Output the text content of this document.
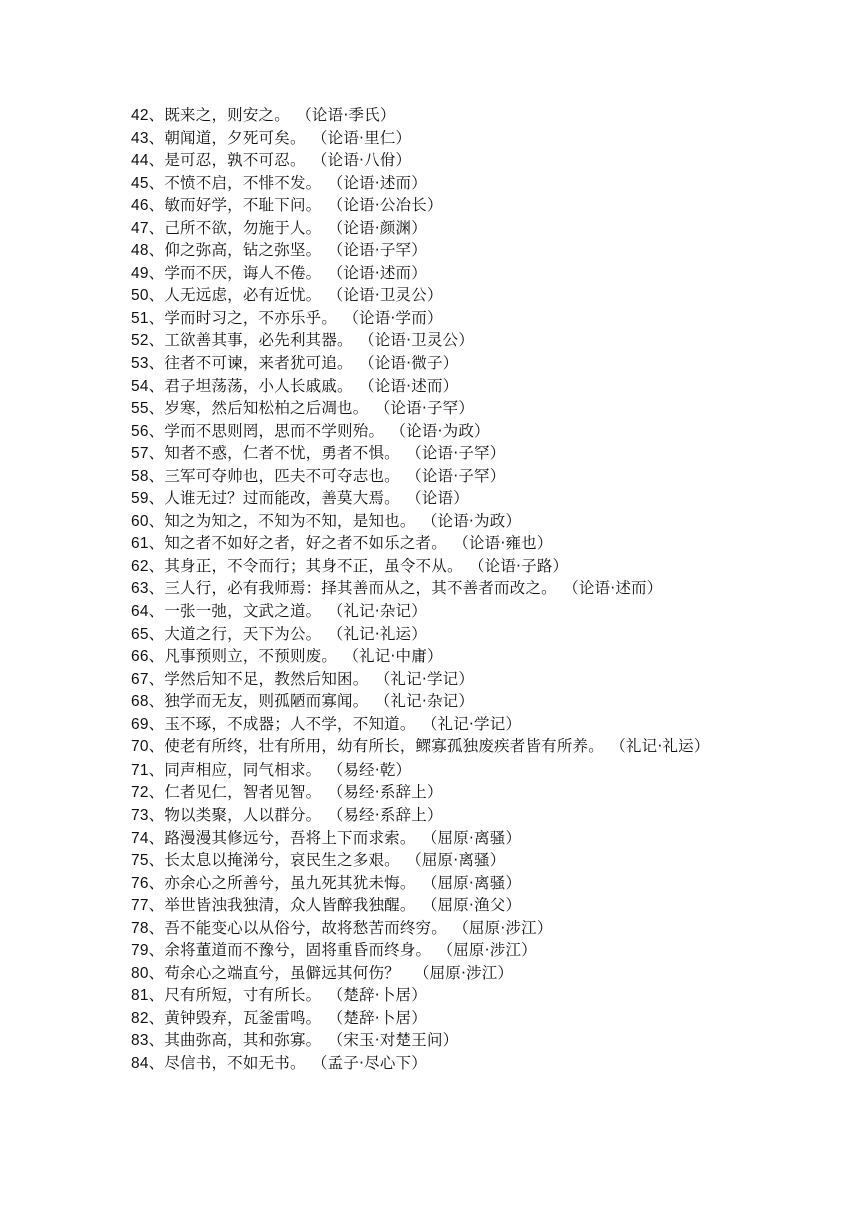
42、既来之，则安之。 （论语·季氏）
43、朝闻道，夕死可矣。 （论语·里仁）
44、是可忍，孰不可忍。 （论语·八佾）
45、不愤不启，不悱不发。 （论语·述而）
46、敏而好学，不耻下问。 （论语·公冶长）
47、己所不欲，勿施于人。 （论语·颜渊）
48、仰之弥高，钻之弥坚。 （论语·子罕）
49、学而不厌，诲人不倦。 （论语·述而）
50、人无远虑，必有近忧。 （论语·卫灵公）
51、学而时习之，不亦乐乎。 （论语·学而）
52、工欲善其事，必先利其器。 （论语·卫灵公）
53、往者不可谏，来者犹可追。 （论语·微子）
54、君子坦荡荡，小人长戚戚。 （论语·述而）
55、岁寒，然后知松柏之后凋也。 （论语·子罕）
56、学而不思则罔，思而不学则殆。 （论语·为政）
57、知者不惑，仁者不忧，勇者不惧。 （论语·子罕）
58、三军可夺帅也，匹夫不可夺志也。 （论语·子罕）
59、人谁无过？过而能改，善莫大焉。 （论语）
60、知之为知之，不知为不知，是知也。 （论语·为政）
61、知之者不如好之者，好之者不如乐之者。 （论语·雍也）
62、其身正，不令而行；其身不正，虽令不从。 （论语·子路）
63、三人行，必有我师焉：择其善而从之，其不善者而改之。 （论语·述而）
64、一张一弛，文武之道。 （礼记·杂记）
65、大道之行，天下为公。 （礼记·礼运）
66、凡事预则立，不预则废。 （礼记·中庸）
67、学然后知不足，教然后知困。 （礼记·学记）
68、独学而无友，则孤陋而寡闻。 （礼记·杂记）
69、玉不琢，不成器；人不学，不知道。 （礼记·学记）
70、使老有所终，壮有所用，幼有所长，鳏寡孤独废疾者皆有所养。 （礼记·礼运）
71、同声相应，同气相求。 （易经·乾）
72、仁者见仁，智者见智。 （易经·系辞上）
73、物以类聚，人以群分。 （易经·系辞上）
74、路漫漫其修远兮，吾将上下而求索。 （屈原·离骚）
75、长太息以掩涕兮，哀民生之多艰。 （屈原·离骚）
76、亦余心之所善兮，虽九死其犹未悔。 （屈原·离骚）
77、举世皆浊我独清，众人皆醉我独醒。 （屈原·渔父）
78、吾不能变心以从俗兮，故将愁苦而终穷。 （屈原·涉江）
79、余将董道而不豫兮，固将重昏而终身。 （屈原·涉江）
80、苟余心之端直兮，虽僻远其何伤？ （屈原·涉江）
81、尺有所短，寸有所长。 （楚辞·卜居）
82、黄钟毁弃，瓦釜雷鸣。 （楚辞·卜居）
83、其曲弥高，其和弥寡。 （宋玉·对楚王问）
84、尽信书，不如无书。 （孟子·尽心下）
